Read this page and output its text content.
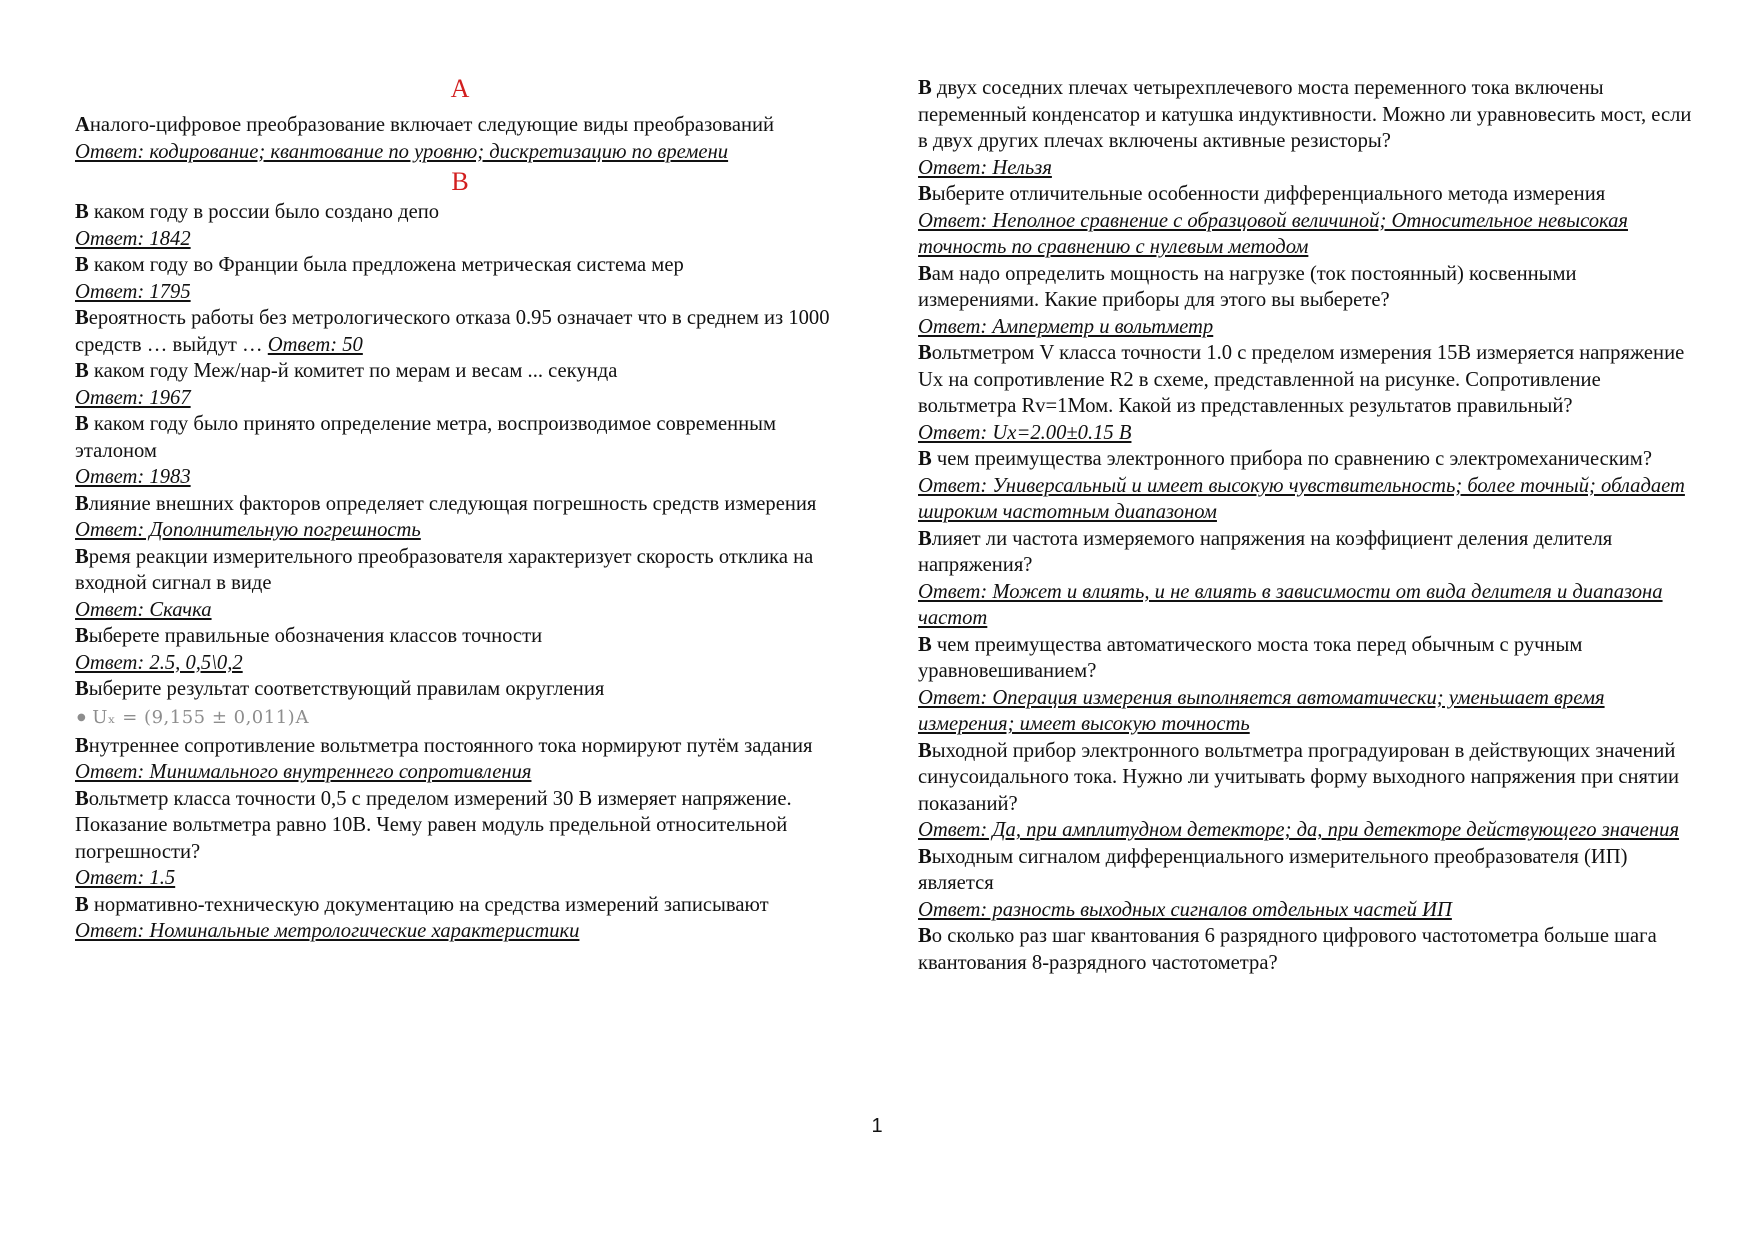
А

Аналого-цифровое преобразование включает следующие виды преобразований

Ответ: кодирование; квантование по уровню; дискретизацию по времени

В

В каком году в россии было создано депо

Ответ: 1842

В каком году во Франции была предложена метрическая система мер

Ответ: 1795

Вероятность работы без метрологического отказа 0.95 означает что в среднем из 1000 средств … выйдут … Ответ: 50

В каком году Меж/нар-й комитет по мерам и весам ... секунда

Ответ: 1967

В каком году было принято определение метра, воспроизводимое современным эталоном

Ответ: 1983

Влияние внешних факторов определяет следующая погрешность средств измерения

Ответ: Дополнительную погрешность

Время реакции измерительного преобразователя характеризует скорость отклика на входной сигнал в виде

Ответ: Скачка

Выберете правильные обозначения классов точности

Ответ: 2.5, 0,5\0,2

Выберите результат соответствующий правилам округления

● Uₓ = (9,155 ± 0,011)А

Внутреннее сопротивление вольтметра постоянного тока нормируют путём задания

Ответ: Минимального внутреннего сопротивления

Вольтметр класса точности 0,5 с пределом измерений 30 В измеряет напряжение. Показание вольтметра равно 10В. Чему равен модуль предельной относительной погрешности?

Ответ: 1.5

В нормативно-техническую документацию на средства измерений записывают

Ответ: Номинальные метрологические характеристики

В двух соседних плечах четырехплечевого моста переменного тока включены переменный конденсатор и катушка индуктивности. Можно ли уравновесить мост, если в двух других плечах включены активные резисторы?

Ответ: Нельзя

Выберите отличительные особенности дифференциального метода измерения

Ответ: Неполное сравнение с образцовой величиной; Относительное невысокая точность по сравнению с нулевым методом

Вам надо определить мощность на нагрузке (ток постоянный) косвенными измерениями. Какие приборы для этого вы выберете?

Ответ: Амперметр и вольтметр

Вольтметром V класса точности 1.0 с пределом измерения 15В измеряется напряжение Ux на сопротивление R2 в схеме, представленной на рисунке. Сопротивление вольтметра Rv=1Мом. Какой из представленных результатов правильный?

Ответ: Ux=2.00±0.15 В

В чем преимущества электронного прибора по сравнению с электромеханическим?

Ответ: Универсальный и имеет высокую чувствительность; более точный; обладает широким частотным диапазоном

Влияет ли частота измеряемого напряжения на коэффициент деления делителя напряжения?

Ответ: Может и влиять, и не влиять в зависимости от вида делителя и диапазона частот

В чем преимущества автоматического моста тока перед обычным с ручным уравновешиванием?

Ответ: Операция измерения выполняется автоматически; уменьшает время измерения; имеет высокую точность

Выходной прибор электронного вольтметра проградуирован в действующих значений синусоидального тока. Нужно ли учитывать форму выходного напряжения при снятии показаний?

Ответ: Да, при амплитудном детекторе; да, при детекторе действующего значения

Выходным сигналом дифференциального измерительного преобразователя (ИП) является

Ответ: разность выходных сигналов отдельных частей ИП

Во сколько раз шаг квантования 6 разрядного цифрового частотометра больше шага квантования 8-разрядного частотометра?

1
